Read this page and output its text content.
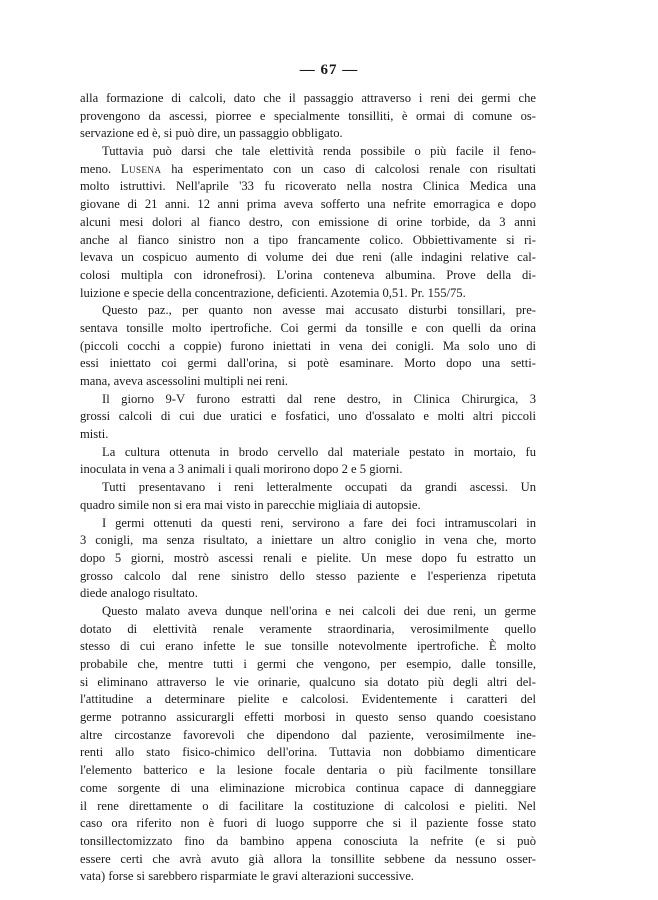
— 67 —
alla formazione di calcoli, dato che il passaggio attraverso i reni dei germi che
provengono da ascessi, piorree e specialmente tonsilliti, è ormai di comune os-
servazione ed è, si può dire, un passaggio obbligato.
Tuttavia può darsi che tale elettività renda possibile o più facile il feno-
meno. Lusena ha esperimentato con un caso di calcolosi renale con risultati
molto istruttivi. Nell'aprile '33 fu ricoverato nella nostra Clinica Medica una
giovane di 21 anni. 12 anni prima aveva sofferto una nefrite emorragica e dopo
alcuni mesi dolori al fianco destro, con emissione di orine torbide, da 3 anni
anche al fianco sinistro non a tipo francamente colico. Obbiettivamente si ri-
levava un cospicuo aumento di volume dei due reni (alle indagini relative cal-
colosi multipla con idronefrosi). L'orina conteneva albumina. Prove della di-
luizione e specie della concentrazione, deficienti. Azotemia 0,51. Pr. 155/75.
Questo paz., per quanto non avesse mai accusato disturbi tonsillari, pre-
sentava tonsille molto ipertrofiche. Coi germi da tonsille e con quelli da orina
(piccoli cocchi a coppie) furono iniettati in vena dei conigli. Ma solo uno di
essi iniettato coi germi dall'orina, si potè esaminare. Morto dopo una setti-
mana, aveva ascessolini multipli nei reni.
Il giorno 9-V furono estratti dal rene destro, in Clinica Chirurgica, 3
grossi calcoli di cui due uratici e fosfatici, uno d'ossalato e molti altri piccoli
misti.
La cultura ottenuta in brodo cervello dal materiale pestato in mortaio, fu
inoculata in vena a 3 animali i quali morirono dopo 2 e 5 giorni.
Tutti presentavano i reni letteralmente occupati da grandi ascessi. Un
quadro simile non si era mai visto in parecchie migliaia di autopsie.
I germi ottenuti da questi reni, servirono a fare dei foci intramuscolari in
3 conigli, ma senza risultato, a iniettare un altro coniglio in vena che, morto
dopo 5 giorni, mostrò ascessi renali e pielite. Un mese dopo fu estratto un
grosso calcolo dal rene sinistro dello stesso paziente e l'esperienza ripetuta
diede analogo risultato.
Questo malato aveva dunque nell'orina e nei calcoli dei due reni, un germe
dotato di elettività renale veramente straordinaria, verosimilmente quello
stesso di cui erano infette le sue tonsille notevolmente ipertrofiche. È molto
probabile che, mentre tutti i germi che vengono, per esempio, dalle tonsille,
si eliminano attraverso le vie orinarie, qualcuno sia dotato più degli altri del-
l'attitudine a determinare pielite e calcolosi. Evidentemente i caratteri del
germe potranno assicurargli effetti morbosi in questo senso quando coesistano
altre circostanze favorevoli che dipendono dal paziente, verosimilmente ine-
renti allo stato fisico-chimico dell'orina. Tuttavia non dobbiamo dimenticare
l'elemento batterico e la lesione focale dentaria o più facilmente tonsillare
come sorgente di una eliminazione microbica continua capace di danneggiare
il rene direttamente o di facilitare la costituzione di calcolosi e pieliti. Nel
caso ora riferito non è fuori di luogo supporre che si il paziente fosse stato
tonsillectomizzato fino da bambino appena conosciuta la nefrite (e si può
essere certi che avrà avuto già allora la tonsillite sebbene da nessuno osser-
vata) forse si sarebbero risparmiate le gravi alterazioni successive.
